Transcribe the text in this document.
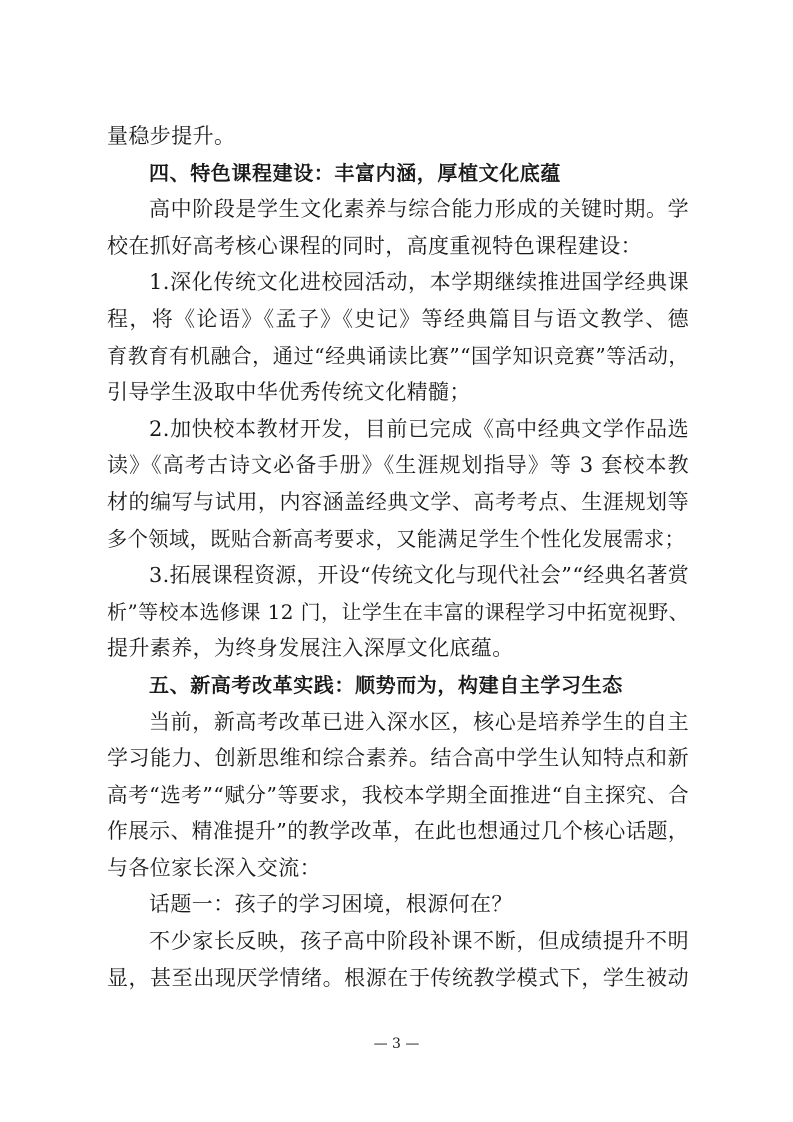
量稳步提升。
四、特色课程建设：丰富内涵，厚植文化底蕴
高中阶段是学生文化素养与综合能力形成的关键时期。学
校在抓好高考核心课程的同时，高度重视特色课程建设：
1.深化传统文化进校园活动，本学期继续推进国学经典课
程，将《论语》《孟子》《史记》等经典篇目与语文教学、德
育教育有机融合，通过“经典诵读比赛”“国学知识竞赛”等活动，
引导学生汲取中华优秀传统文化精髓；
2.加快校本教材开发，目前已完成《高中经典文学作品选
读》《高考古诗文必备手册》《生涯规划指导》等 3 套校本教
材的编写与试用，内容涵盖经典文学、高考考点、生涯规划等
多个领域，既贴合新高考要求，又能满足学生个性化发展需求；
3.拓展课程资源，开设“传统文化与现代社会”“经典名著赏
析”等校本选修课 12 门，让学生在丰富的课程学习中拓宽视野、
提升素养，为终身发展注入深厚文化底蕴。
五、新高考改革实践：顺势而为，构建自主学习生态
当前，新高考改革已进入深水区，核心是培养学生的自主
学习能力、创新思维和综合素养。结合高中学生认知特点和新
高考“选考”“赋分”等要求，我校本学期全面推进“自主探究、合
作展示、精准提升”的教学改革，在此也想通过几个核心话题，
与各位家长深入交流：
话题一：孩子的学习困境，根源何在？
不少家长反映，孩子高中阶段补课不断，但成绩提升不明
显，甚至出现厌学情绪。根源在于传统教学模式下，学生被动
— 3 —
